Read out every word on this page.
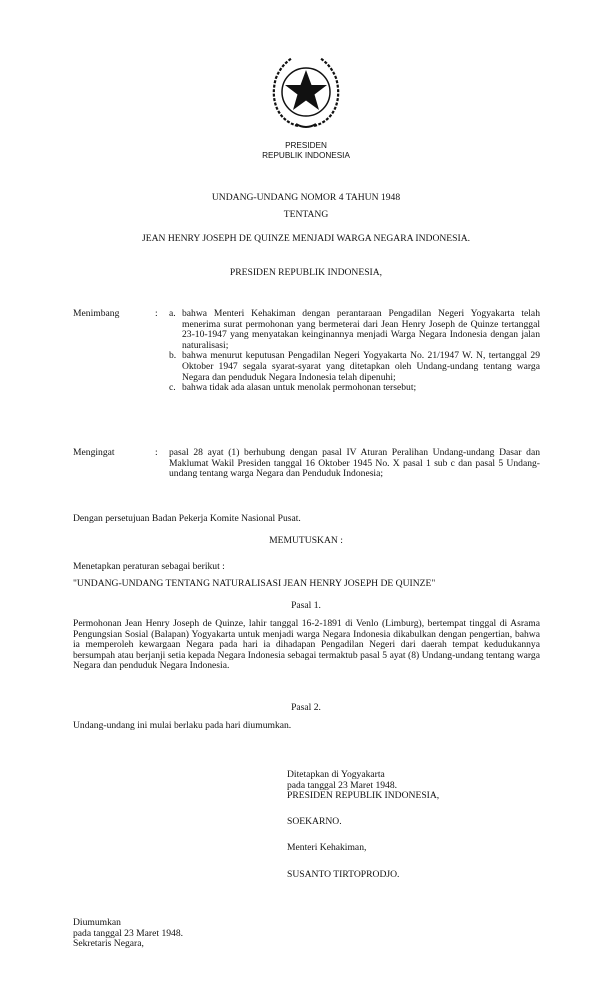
PRESIDEN
REPUBLIK INDONESIA
UNDANG-UNDANG NOMOR 4 TAHUN 1948
TENTANG
JEAN HENRY JOSEPH DE QUINZE MENJADI WARGA NEGARA INDONESIA.
PRESIDEN REPUBLIK INDONESIA,
Menimbang	: a. bahwa Menteri Kehakiman dengan perantaraan Pengadilan Negeri Yogyakarta telah menerima surat permohonan yang bermeterai dari Jean Henry Joseph de Quinze tertanggal 23-10-1947 yang menyatakan keinginannya menjadi Warga Negara Indonesia dengan jalan naturalisasi;
b. bahwa menurut keputusan Pengadilan Negeri Yogyakarta No. 21/1947 W. N, tertanggal 29 Oktober 1947 segala syarat-syarat yang ditetapkan oleh Undang-undang tentang warga Negara dan penduduk Negara Indonesia telah dipenuhi;
c. bahwa tidak ada alasan untuk menolak permohonan tersebut;
Mengingat	: pasal 28 ayat (1) berhubung dengan pasal IV Aturan Peralihan Undang-undang Dasar dan Maklumat Wakil Presiden tanggal 16 Oktober 1945 No. X pasal 1 sub c dan pasal 5 Undang-undang tentang warga Negara dan Penduduk Indonesia;
Dengan persetujuan Badan Pekerja Komite Nasional Pusat.
MEMUTUSKAN :
Menetapkan peraturan sebagai berikut :
"UNDANG-UNDANG TENTANG NATURALISASI JEAN HENRY JOSEPH DE QUINZE"
Pasal 1.
Permohonan Jean Henry Joseph de Quinze, lahir tanggal 16-2-1891 di Venlo (Limburg), bertempat tinggal di Asrama Pengungsian Sosial (Balapan) Yogyakarta untuk menjadi warga Negara Indonesia dikabulkan dengan pengertian, bahwa ia memperoleh kewargaan Negara pada hari ia dihadapan Pengadilan Negeri dari daerah tempat kedudukannya bersumpah atau berjanji setia kepada Negara Indonesia sebagai termaktub pasal 5 ayat (8) Undang-undang tentang warga Negara dan penduduk Negara Indonesia.
Pasal 2.
Undang-undang ini mulai berlaku pada hari diumumkan.
Ditetapkan di Yogyakarta
pada tanggal 23 Maret 1948.
PRESIDEN REPUBLIK INDONESIA,
SOEKARNO.
Menteri Kehakiman,
SUSANTO TIRTOPRODJO.
Diumumkan
pada tanggal 23 Maret 1948.
Sekretaris Negara,
